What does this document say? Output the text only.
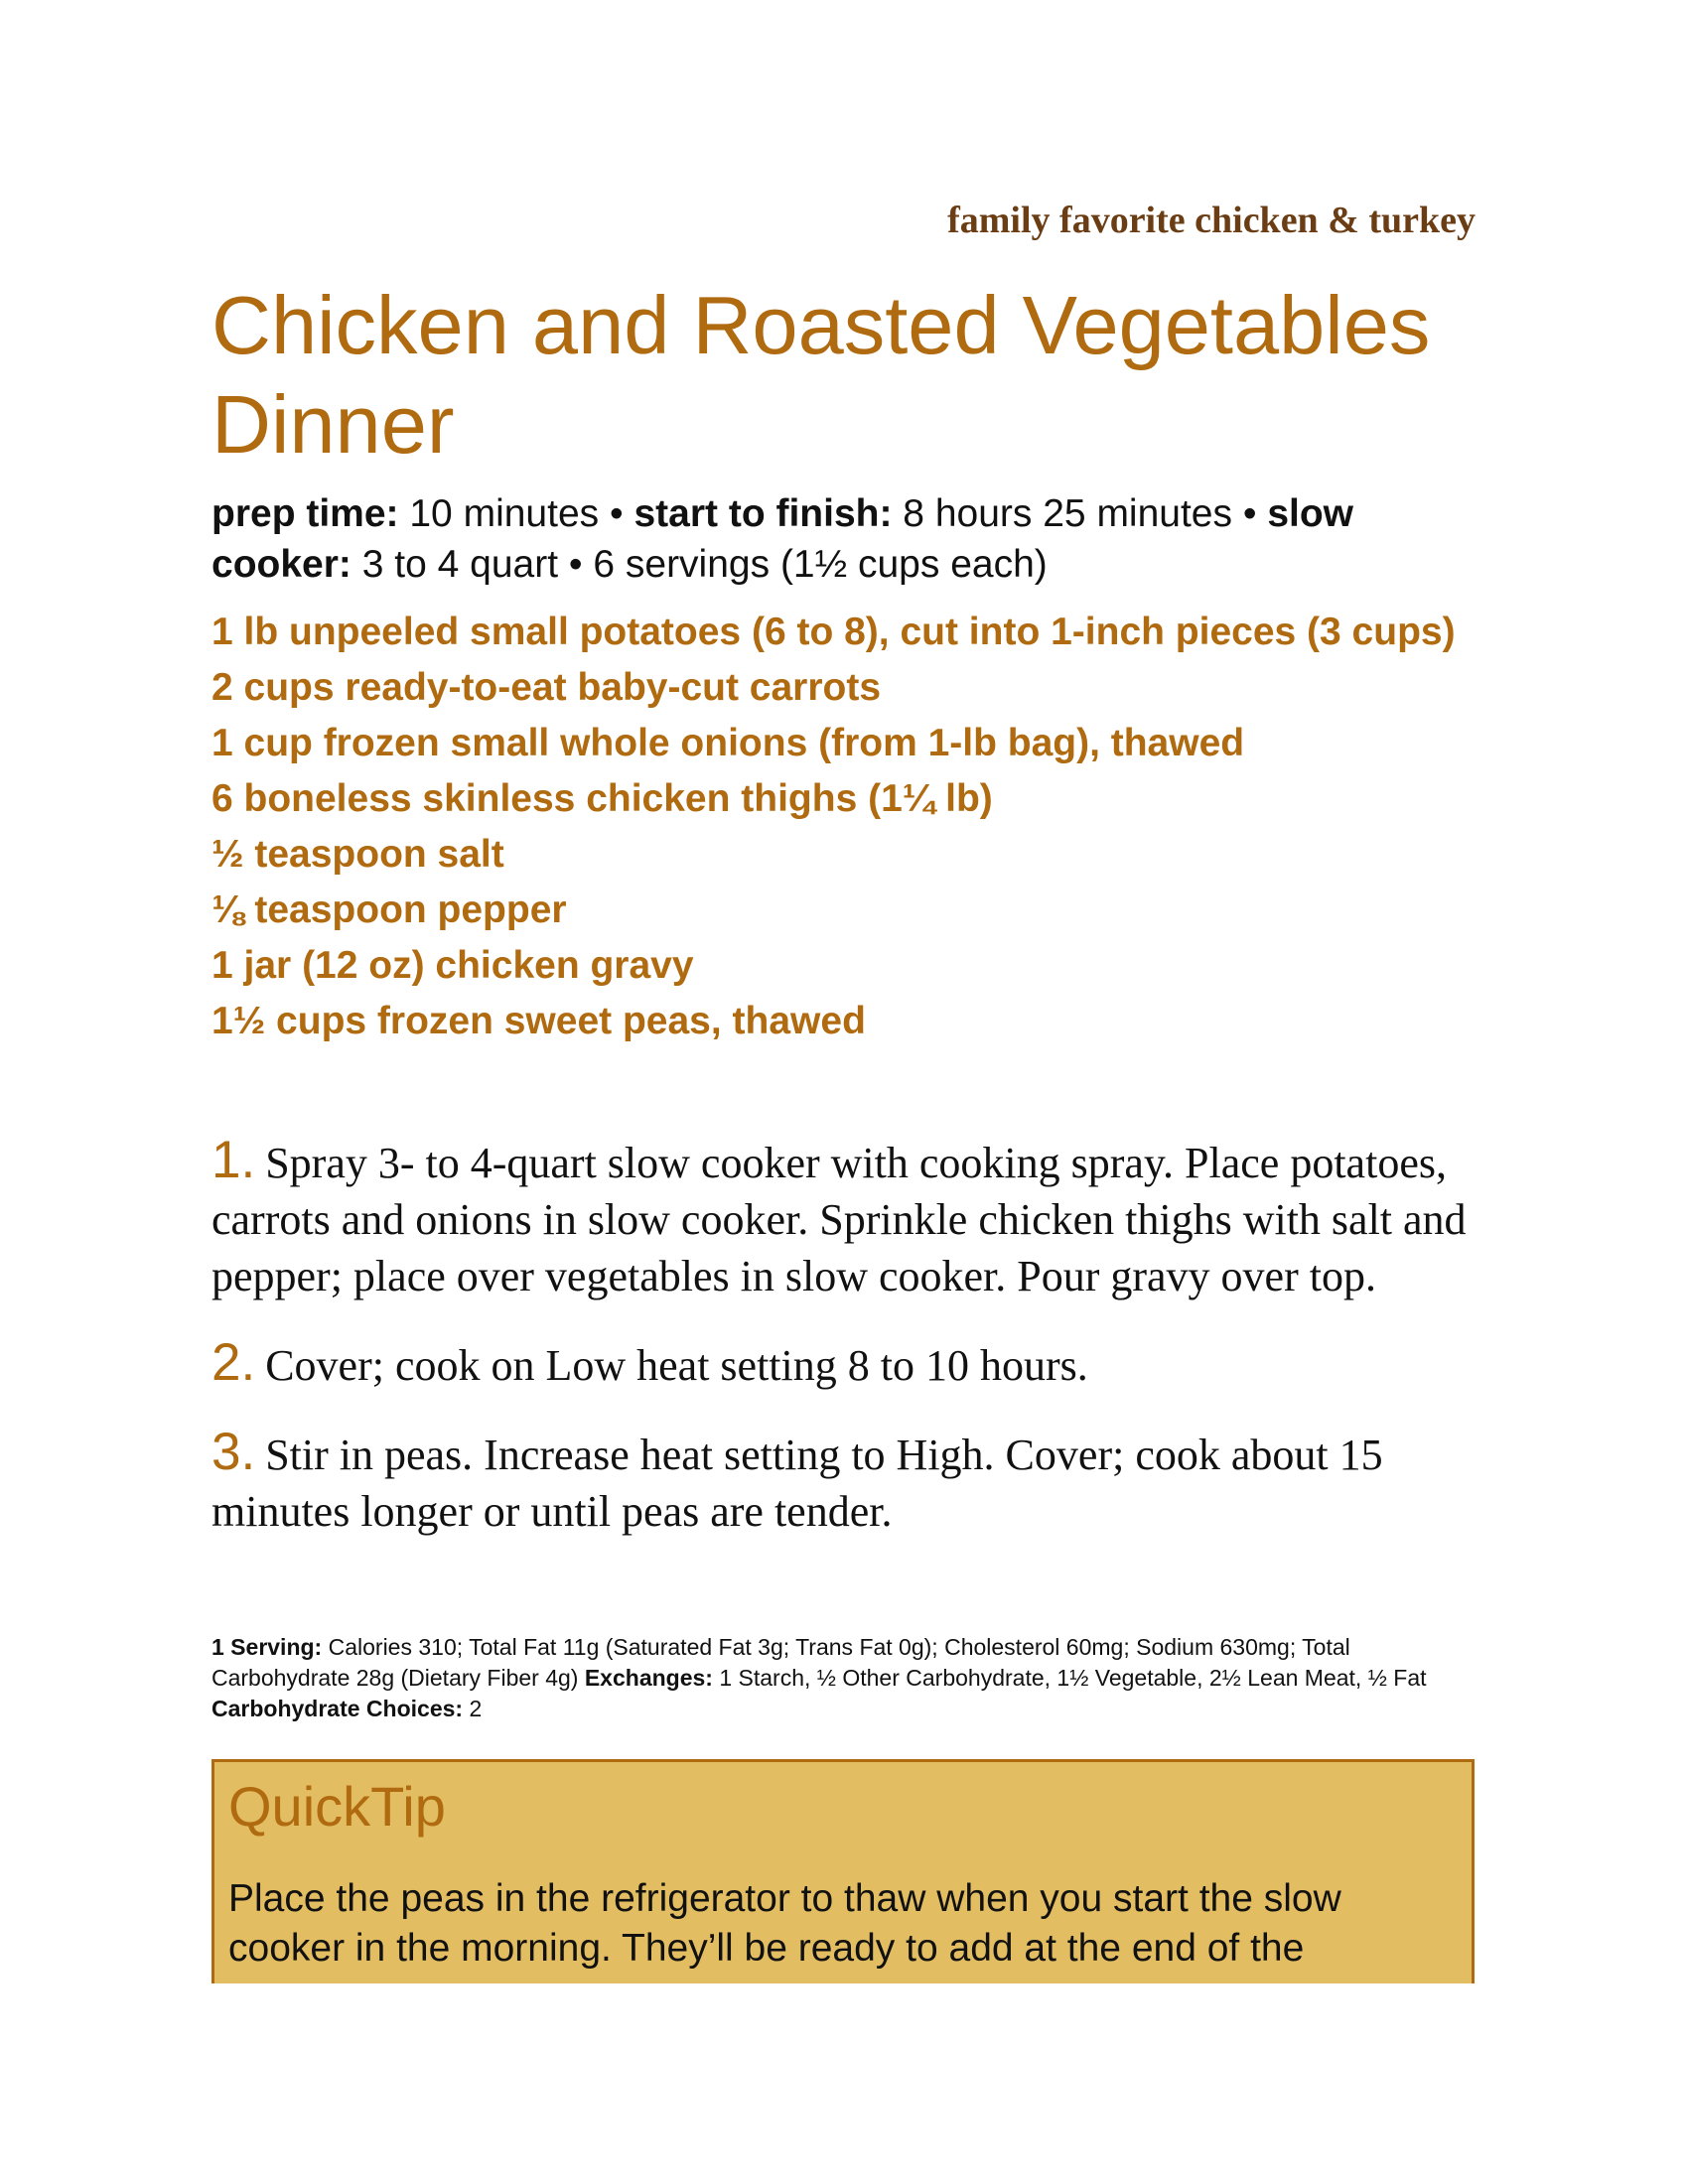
family favorite chicken & turkey
Chicken and Roasted Vegetables Dinner
prep time: 10 minutes • start to finish: 8 hours 25 minutes • slow cooker: 3 to 4 quart • 6 servings (1½ cups each)
1 lb unpeeled small potatoes (6 to 8), cut into 1-inch pieces (3 cups)
2 cups ready-to-eat baby-cut carrots
1 cup frozen small whole onions (from 1-lb bag), thawed
6 boneless skinless chicken thighs (1¼ lb)
½ teaspoon salt
⅛ teaspoon pepper
1 jar (12 oz) chicken gravy
1½ cups frozen sweet peas, thawed
1. Spray 3- to 4-quart slow cooker with cooking spray. Place potatoes, carrots and onions in slow cooker. Sprinkle chicken thighs with salt and pepper; place over vegetables in slow cooker. Pour gravy over top.
2. Cover; cook on Low heat setting 8 to 10 hours.
3. Stir in peas. Increase heat setting to High. Cover; cook about 15 minutes longer or until peas are tender.
1 Serving: Calories 310; Total Fat 11g (Saturated Fat 3g; Trans Fat 0g); Cholesterol 60mg; Sodium 630mg; Total Carbohydrate 28g (Dietary Fiber 4g) Exchanges: 1 Starch, ½ Other Carbohydrate, 1½ Vegetable, 2½ Lean Meat, ½ Fat Carbohydrate Choices: 2
QuickTip
Place the peas in the refrigerator to thaw when you start the slow cooker in the morning. They’ll be ready to add at the end of the
